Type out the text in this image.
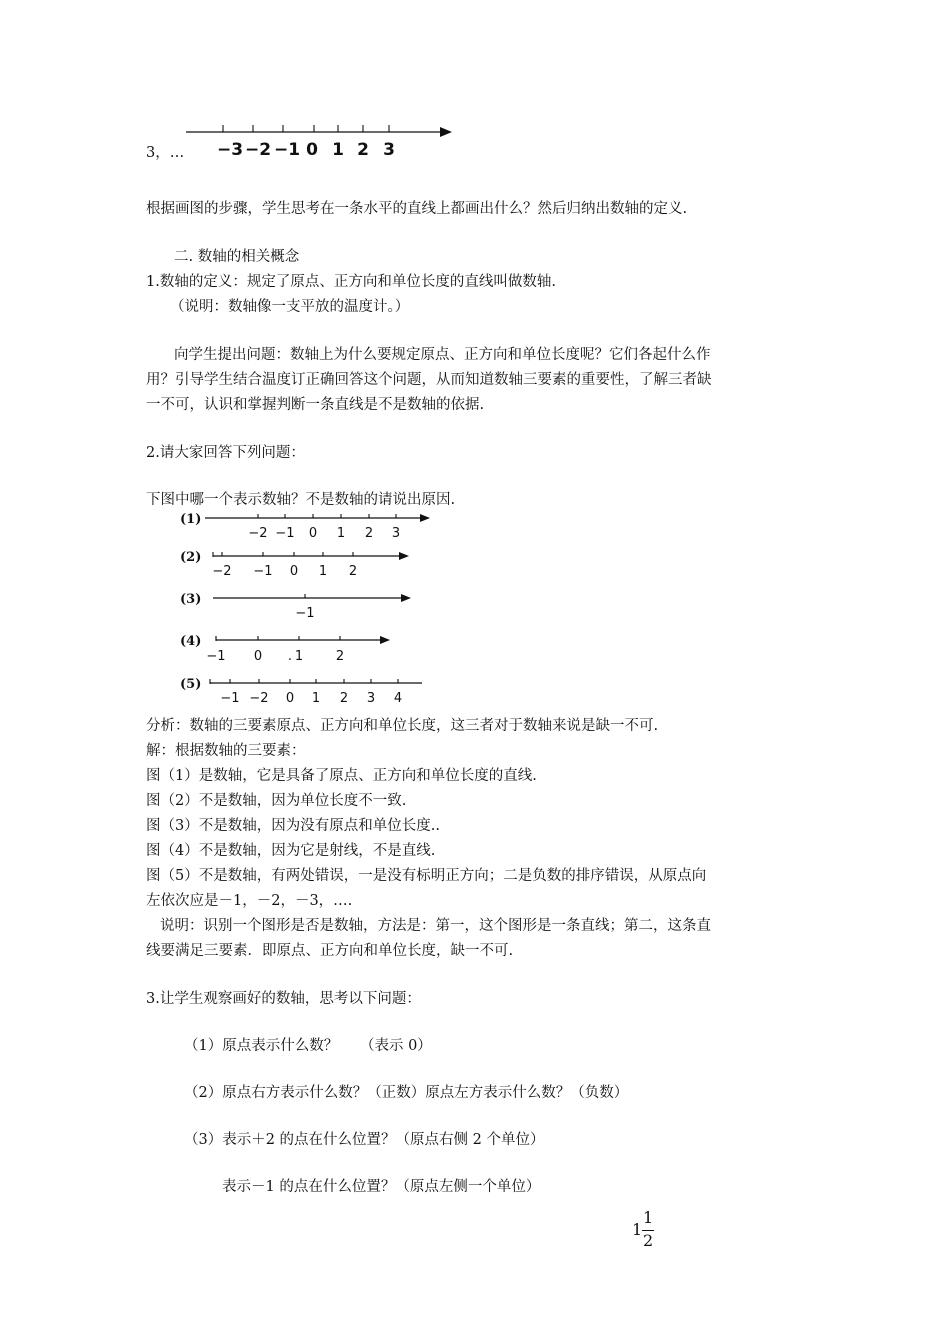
3，… −3 −2 −1 0 1 2 3
(1)
−2 −1 0 1 2 3
(2)
−2 −1 0 1 2
(3)
−1
(4)
−1 0 . 1	2
(5)
−1 −2 0 1 2 3 4
根据画图的步骤，学生思考在一条水平的直线上都画出什么？然后归纳出数轴的定义.
二. 数轴的相关概念
1.数轴的定义：规定了原点、正方向和单位长度的直线叫做数轴.
（说明：数轴像一支平放的温度计。）
向学生提出问题：数轴上为什么要规定原点、正方向和单位长度呢？它们各起什么作
用？引导学生结合温度订正确回答这个问题，从而知道数轴三要素的重要性，了解三者缺
一不可，认识和掌握判断一条直线是不是数轴的依据.
2.请大家回答下列问题：
下图中哪一个表示数轴？不是数轴的请说出原因.
分析：数轴的三要素原点、正方向和单位长度，这三者对于数轴来说是缺一不可.
解：根据数轴的三要素：
图（1）是数轴，它是具备了原点、正方向和单位长度的直线.
图（2）不是数轴，因为单位长度不一致.
图（3）不是数轴，因为没有原点和单位长度..
图（4）不是数轴，因为它是射线，不是直线.
图（5）不是数轴，有两处错误，一是没有标明正方向；二是负数的排序错误，从原点向
左依次应是－1，－2，－3，….
说明：识别一个图形是否是数轴，方法是：第一，这个图形是一条直线；第二，这条直
线要满足三要素．即原点、正方向和单位长度，缺一不可.
3.让学生观察画好的数轴，思考以下问题：
（1）原点表示什么数？　　（表示 0）
（2）原点右方表示什么数？（正数）原点左方表示什么数？（负数）
（3）表示＋2 的点在什么位置？（原点右侧 2 个单位）
表示－1 的点在什么位置？（原点左侧一个单位）
1
1
2
